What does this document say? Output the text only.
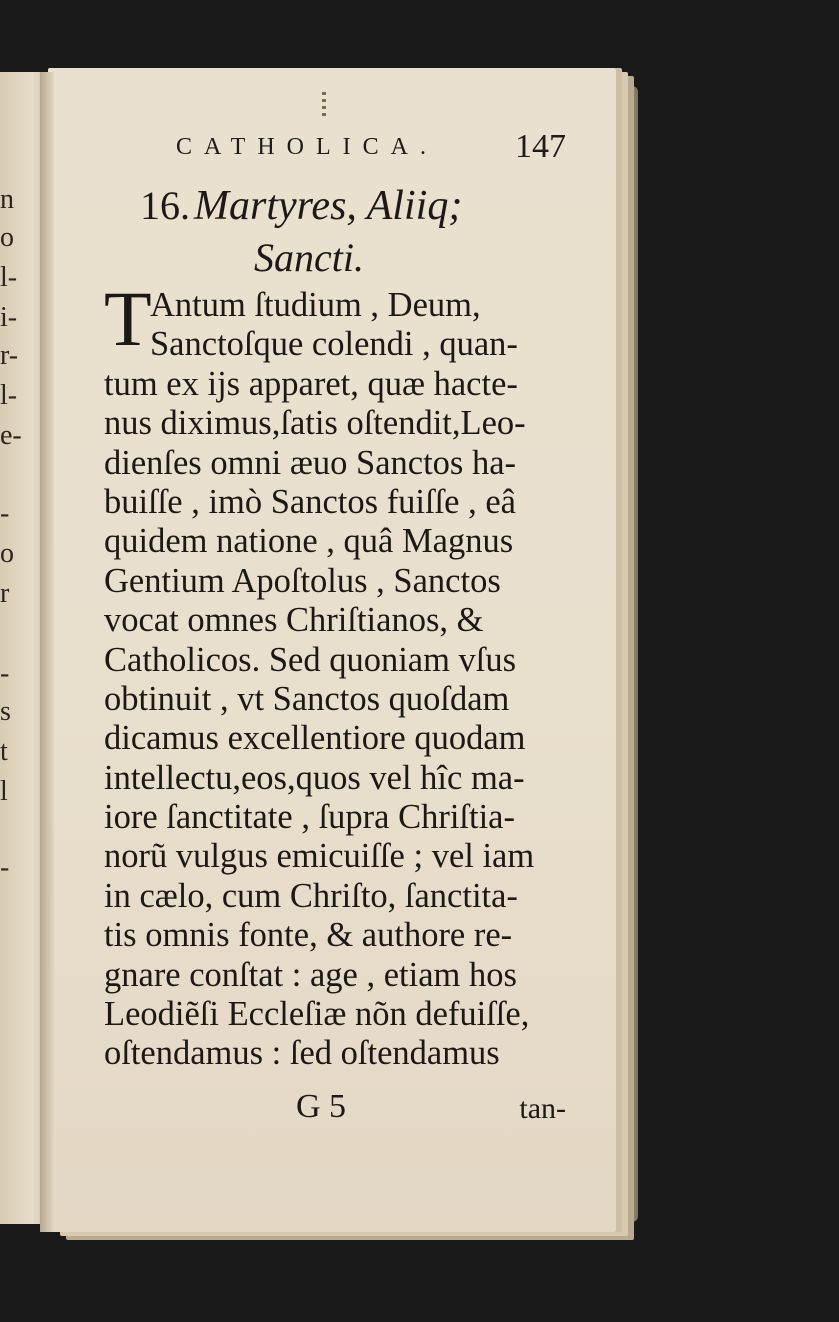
n
o
l-
i-
r-
l-
e-
-
o
r
-
s
t
l
-
CATHOLICA. 147
16. Martyres, Aliiq;
Sancti.
T
Antum ſtudium , Deum,
Sanctoſque colendi , quan-
tum ex ijs apparet, quæ hacte-
nus diximus,ſatis oſtendit,Leo-
dienſes omni æuo Sanctos ha-
buiſſe , imò Sanctos fuiſſe , eâ
quidem natione , quâ Magnus
Gentium Apoſtolus , Sanctos
vocat omnes Chriſtianos, &
Catholicos. Sed quoniam vſus
obtinuit , vt Sanctos quoſdam
dicamus excellentiore quodam
intellectu,eos,quos vel hîc ma-
iore ſanctitate , ſupra Chriſtia-
norũ vulgus emicuiſſe ; vel iam
in cælo, cum Chriſto, ſanctita-
tis omnis fonte, & authore re-
gnare conſtat : age , etiam hos
Leodiẽſi Eccleſiæ nõn defuiſſe,
oſtendamus : ſed oſtendamus
G 5	tan-
